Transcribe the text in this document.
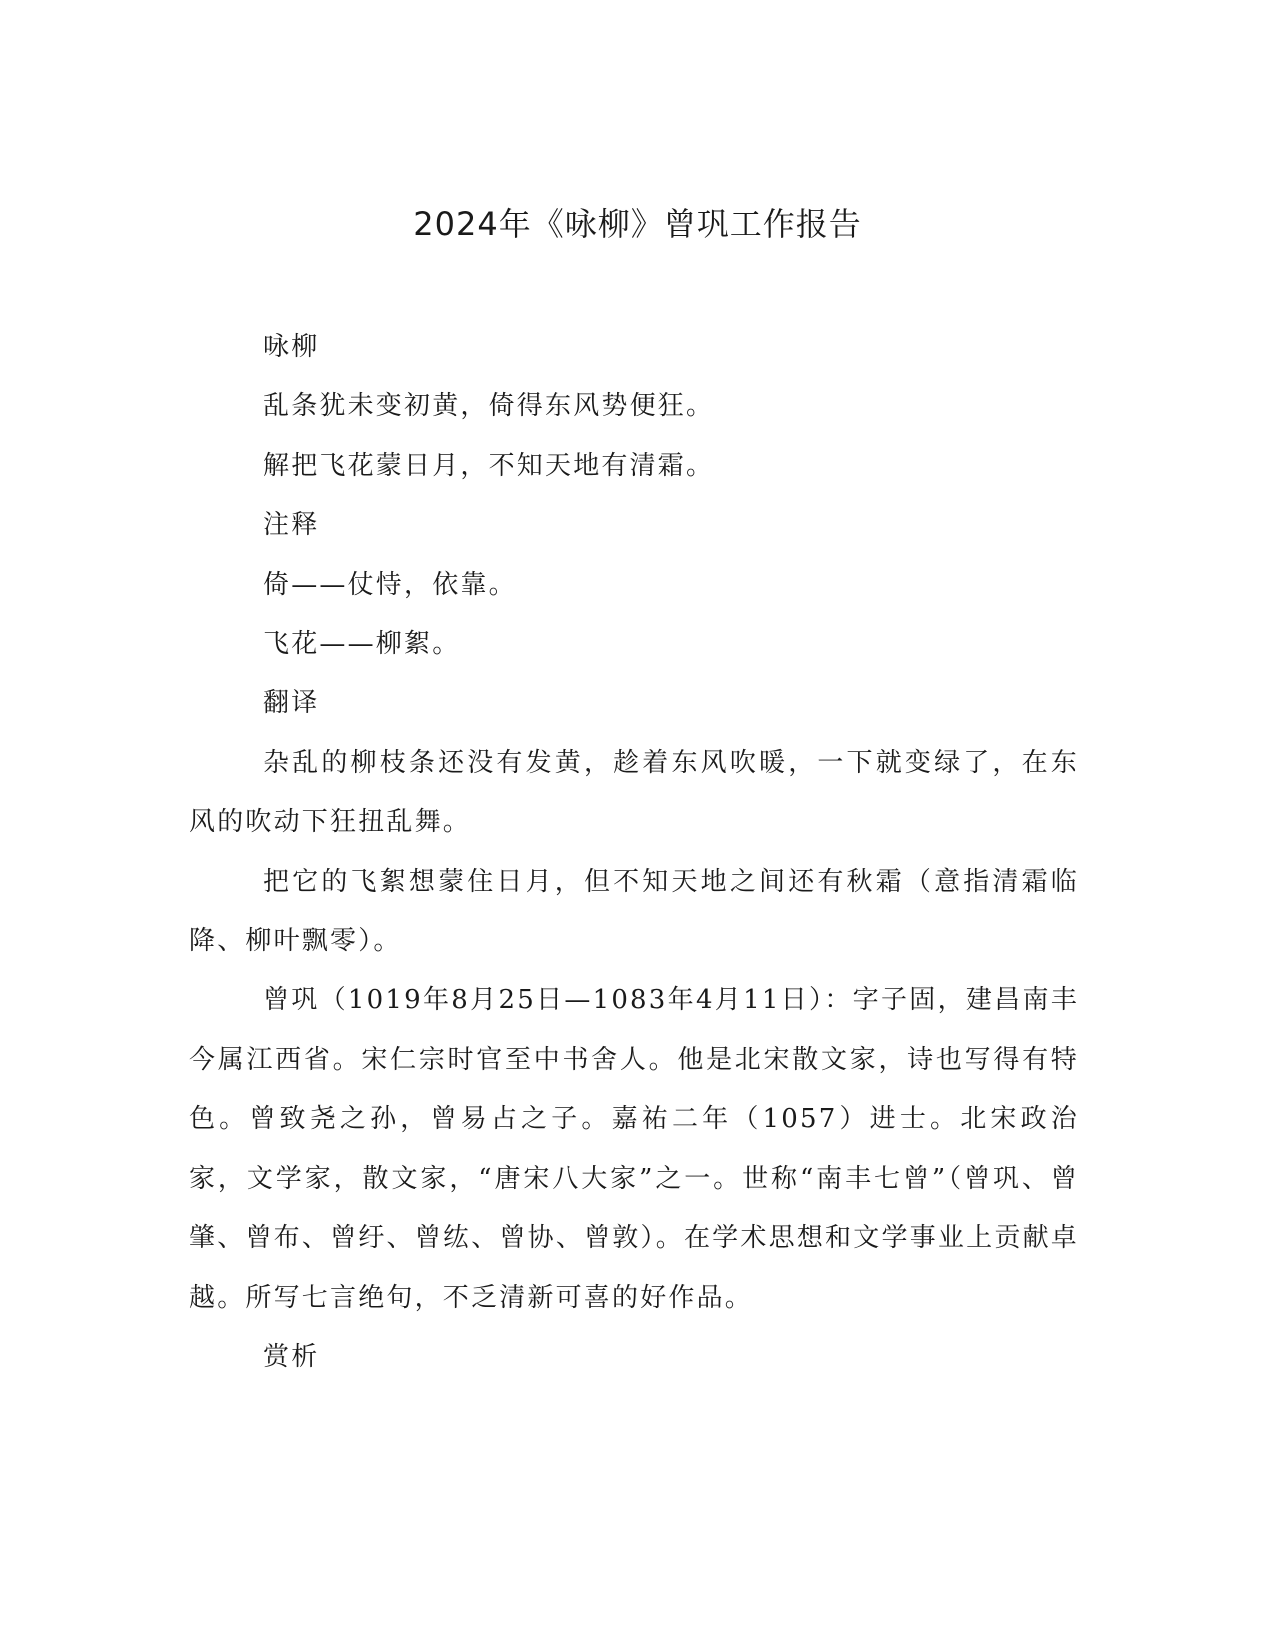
2024年《咏柳》曾巩工作报告

咏柳

乱条犹未变初黄，倚得东风势便狂。

解把飞花蒙日月，不知天地有清霜。

注释

倚——仗恃，依靠。

飞花——柳絮。

翻译

杂乱的柳枝条还没有发黄，趁着东风吹暖，一下就变绿了，在东风的吹动下狂扭乱舞。

把它的飞絮想蒙住日月，但不知天地之间还有秋霜（意指清霜临降、柳叶飘零）。

曾巩（1019年8月25日—1083年4月11日）：字子固，建昌南丰今属江西省。宋仁宗时官至中书舍人。他是北宋散文家，诗也写得有特色。曾致尧之孙，曾易占之子。嘉祐二年（1057）进士。北宋政治家，文学家，散文家，“唐宋八大家”之一。世称“南丰七曾”（曾巩、曾肇、曾布、曾纡、曾纮、曾协、曾敦）。在学术思想和文学事业上贡献卓越。所写七言绝句，不乏清新可喜的好作品。

赏析
